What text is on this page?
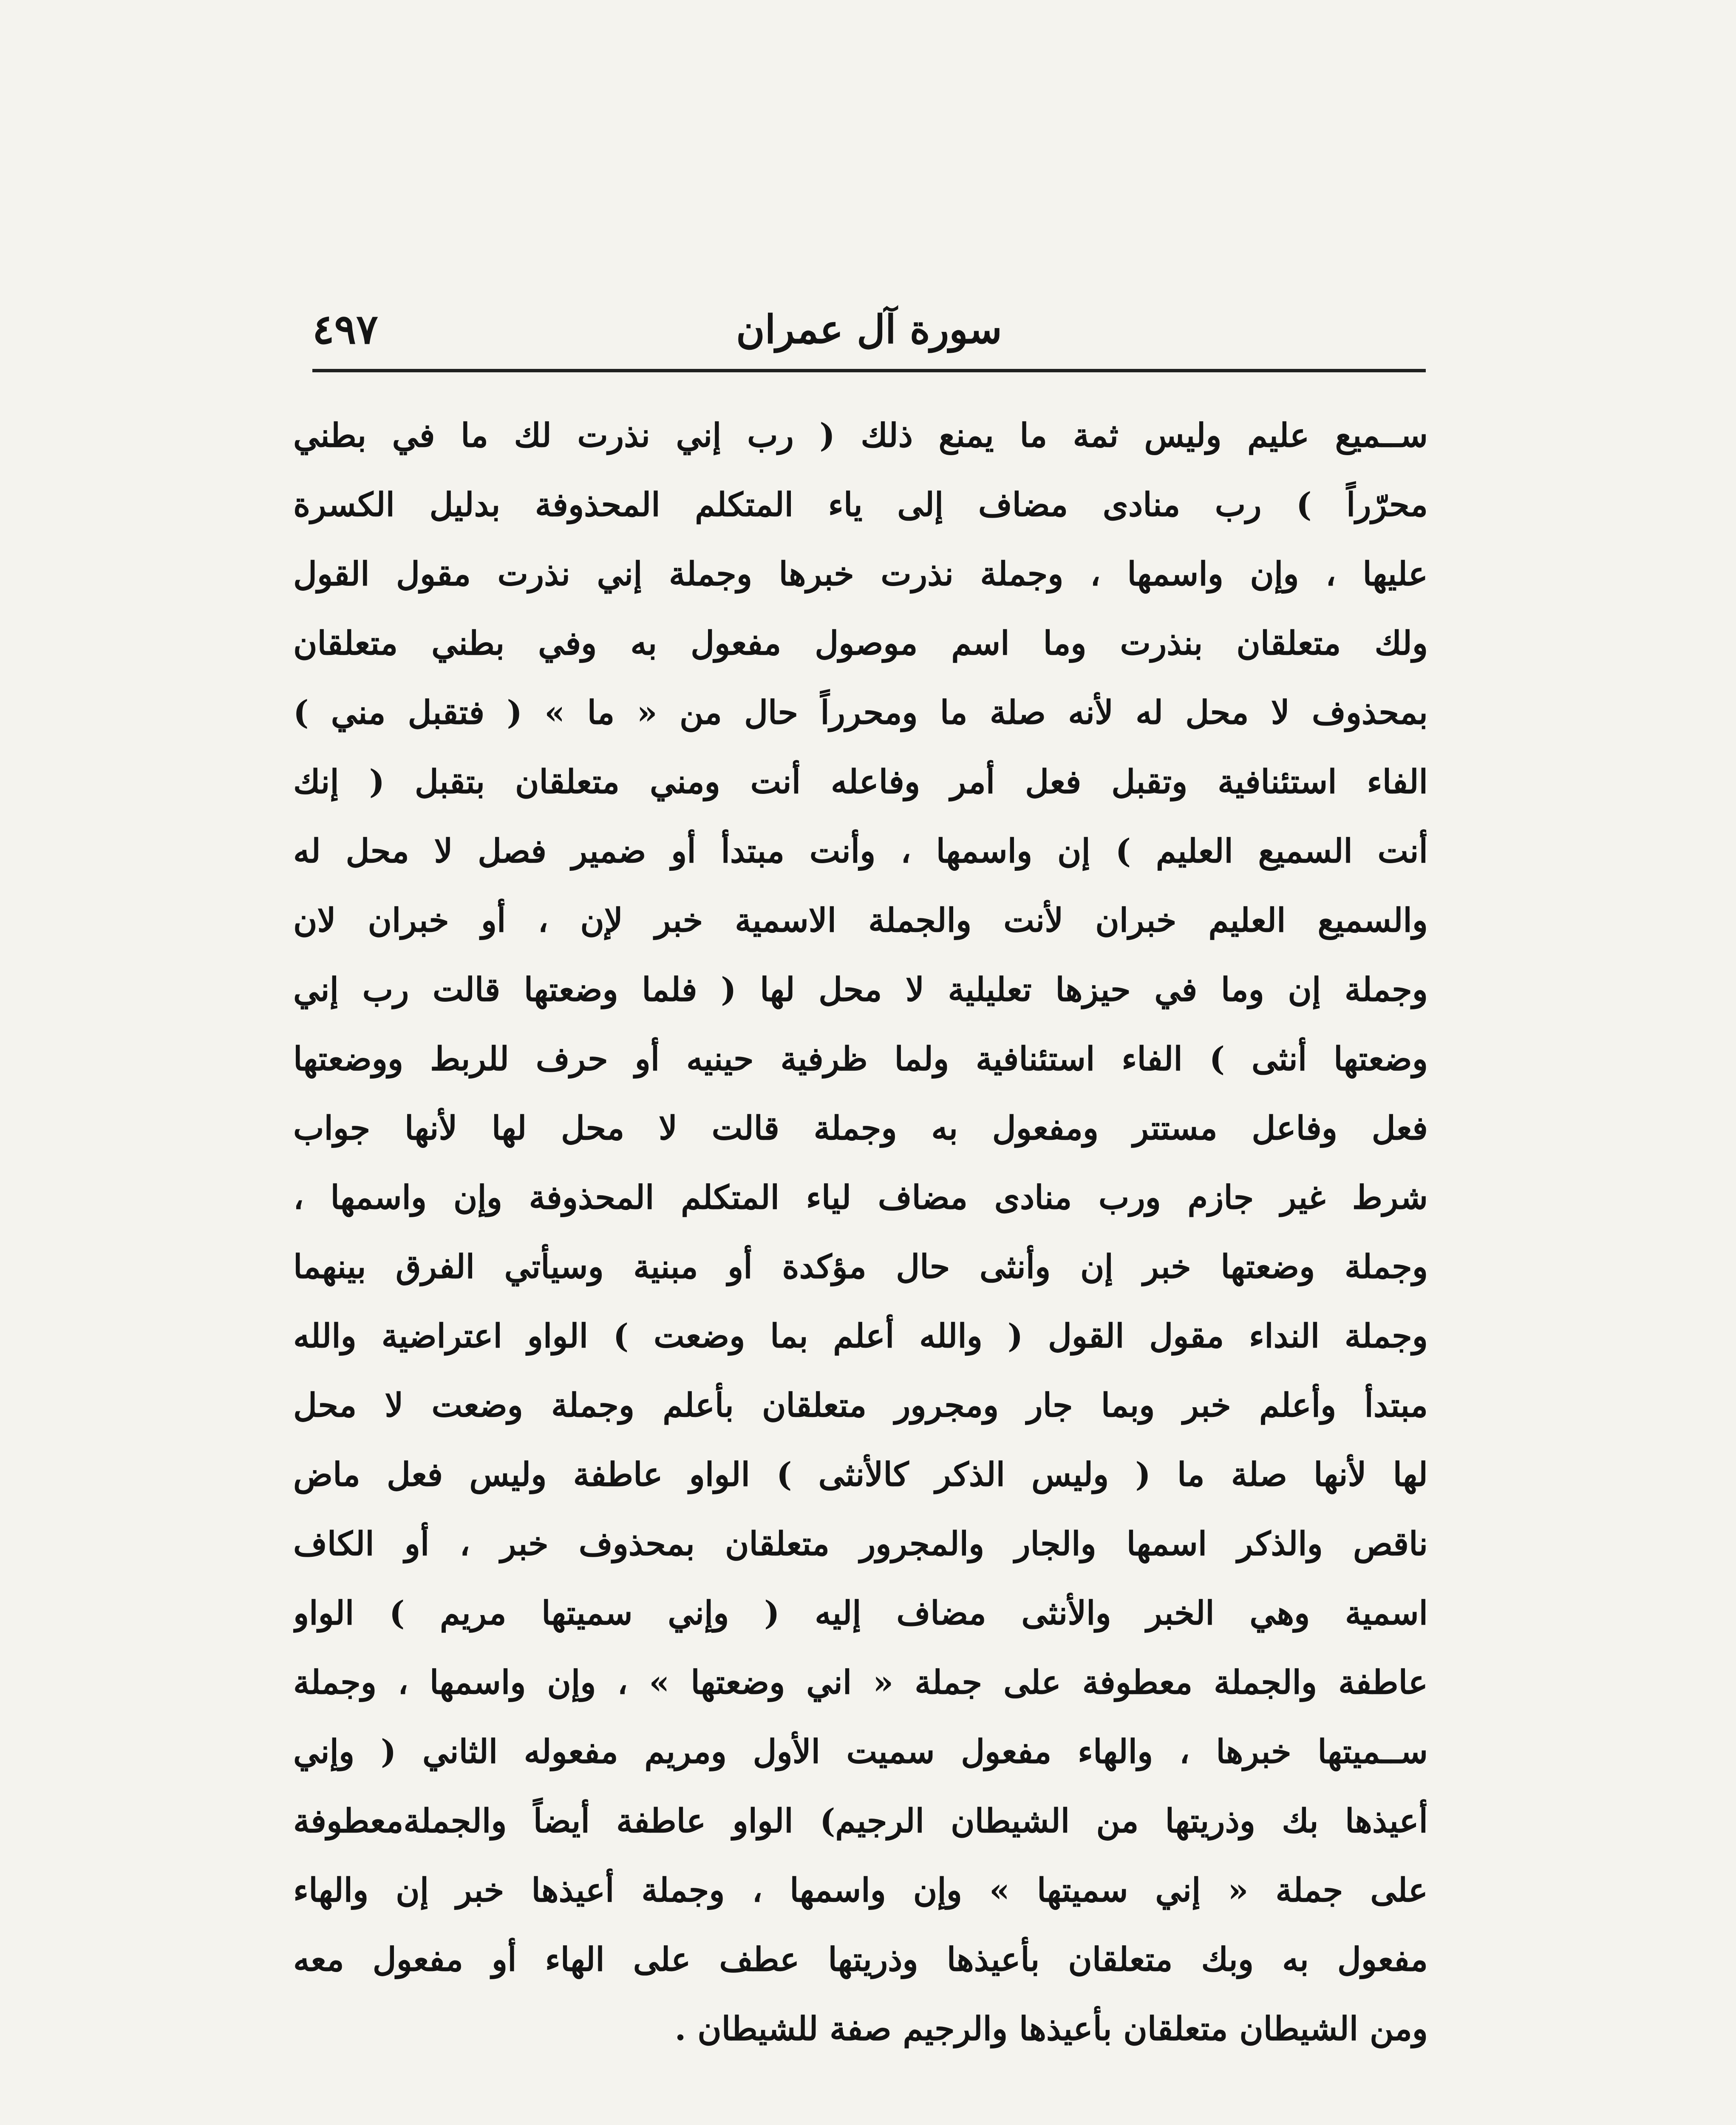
سورة آل عمران
٤٩٧
ســميع عليم وليس ثمة ما يمنع ذلك ( رب إني نذرت لك ما في بطني
محرّراً ) رب منادى مضاف إلى ياء المتكلم المحذوفة بدليل الكسرة
عليها ، وإن واسمها ، وجملة نذرت خبرها وجملة إني نذرت مقول القول
ولك متعلقان بنذرت وما اسم موصول مفعول به وفي بطني متعلقان
بمحذوف لا محل له لأنه صلة ما ومحرراً حال من « ما » ( فتقبل مني )
الفاء استئنافية وتقبل فعل أمر وفاعله أنت ومني متعلقان بتقبل ( إنك
أنت السميع العليم ) إن واسمها ، وأنت مبتدأ أو ضمير فصل لا محل له
والسميع العليم خبران لأنت والجملة الاسمية خبر لإن ، أو خبران لان
وجملة إن وما في حيزها تعليلية لا محل لها ( فلما وضعتها قالت رب إني
وضعتها أنثى ) الفاء استئنافية ولما ظرفية حينيه أو حرف للربط ووضعتها
فعل وفاعل مستتر ومفعول به وجملة قالت لا محل لها لأنها جواب
شرط غير جازم ورب منادى مضاف لياء المتكلم المحذوفة وإن واسمها ،
وجملة وضعتها خبر إن وأنثى حال مؤكدة أو مبنية وسيأتي الفرق بينهما
وجملة النداء مقول القول ( والله أعلم بما وضعت ) الواو اعتراضية والله
مبتدأ وأعلم خبر وبما جار ومجرور متعلقان بأعلم وجملة وضعت لا محل
لها لأنها صلة ما ( وليس الذكر كالأنثى ) الواو عاطفة وليس فعل ماض
ناقص والذكر اسمها والجار والمجرور متعلقان بمحذوف خبر ، أو الكاف
اسمية وهي الخبر والأنثى مضاف إليه ( وإني سميتها مريم ) الواو
عاطفة والجملة معطوفة على جملة « اني وضعتها » ، وإن واسمها ، وجملة
ســميتها خبرها ، والهاء مفعول سميت الأول ومريم مفعوله الثاني ( وإني
أعيذها بك وذريتها من الشيطان الرجيم) الواو عاطفة أيضاً والجملةمعطوفة
على جملة « إني سميتها » وإن واسمها ، وجملة أعيذها خبر إن والهاء
مفعول به وبك متعلقان بأعيذها وذريتها عطف على الهاء أو مفعول معه
ومن الشيطان متعلقان بأعيذها والرجيم صفة للشيطان .
